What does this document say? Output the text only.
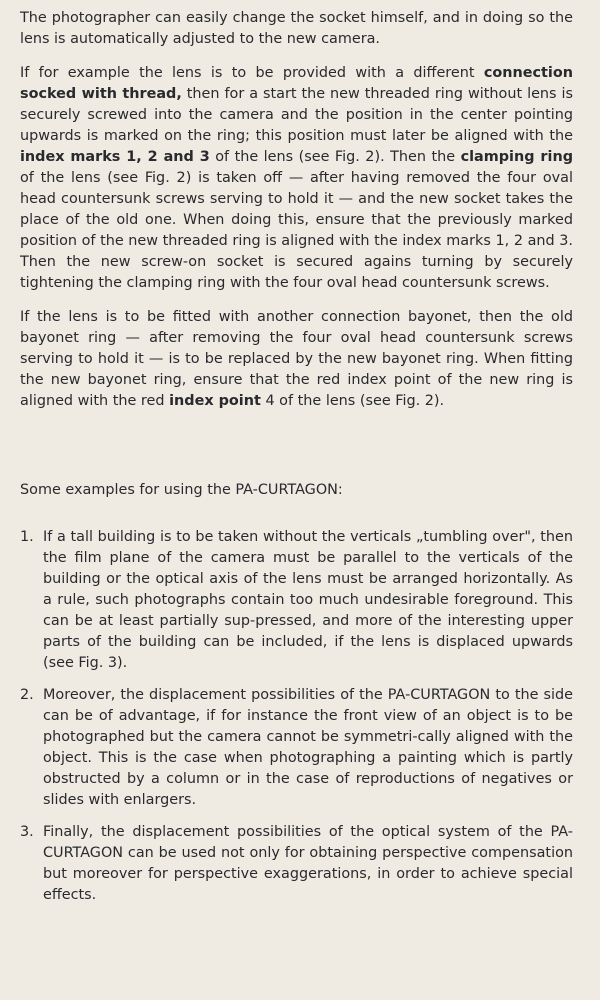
The photographer can easily change the socket himself, and in doing so the lens is automatically adjusted to the new camera.

If for example the lens is to be provided with a different connection socked with thread, then for a start the new threaded ring without lens is securely screwed into the camera and the position in the center pointing upwards is marked on the ring; this position must later be aligned with the index marks 1, 2 and 3 of the lens (see Fig. 2). Then the clamping ring of the lens (see Fig. 2) is taken off — after having removed the four oval head countersunk screws serving to hold it — and the new socket takes the place of the old one. When doing this, ensure that the previously marked position of the new threaded ring is aligned with the index marks 1, 2 and 3. Then the new screw-on socket is secured agains turning by securely tightening the clamping ring with the four oval head countersunk screws.

If the lens is to be fitted with another connection bayonet, then the old bayonet ring — after removing the four oval head countersunk screws serving to hold it — is to be replaced by the new bayonet ring. When fitting the new bayonet ring, ensure that the red index point of the new ring is aligned with the red index point 4 of the lens (see Fig. 2).

Some examples for using the PA-CURTAGON:

1. If a tall building is to be taken without the verticals „tumbling over", then the film plane of the camera must be parallel to the verticals of the building or the optical axis of the lens must be arranged horizontally. As a rule, such photographs contain too much undesirable foreground. This can be at least partially sup-pressed, and more of the interesting upper parts of the building can be included, if the lens is displaced upwards (see Fig. 3).
2. Moreover, the displacement possibilities of the PA-CURTAGON to the side can be of advantage, if for instance the front view of an object is to be photographed but the camera cannot be symmetri-cally aligned with the object. This is the case when photographing a painting which is partly obstructed by a column or in the case of reproductions of negatives or slides with enlargers.
3. Finally, the displacement possibilities of the optical system of the PA-CURTAGON can be used not only for obtaining perspective compensation but moreover for perspective exaggerations, in order to achieve special effects.
